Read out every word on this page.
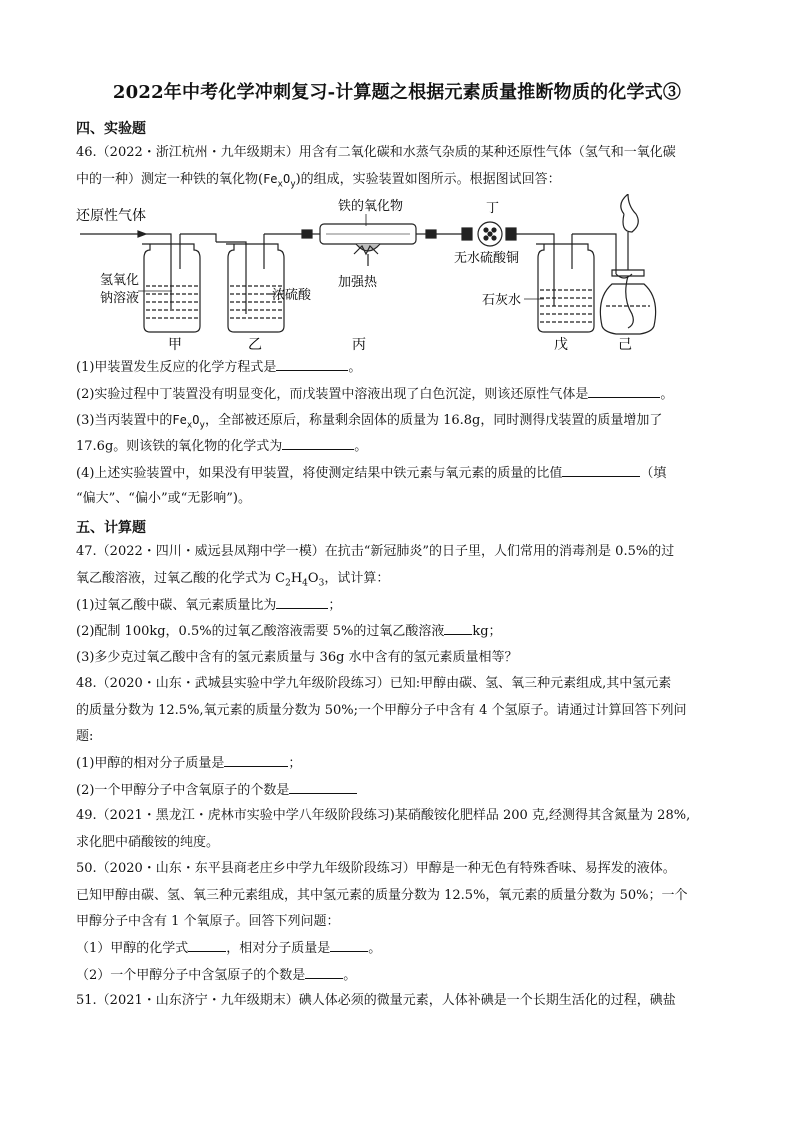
2022年中考化学冲刺复习-计算题之根据元素质量推断物质的化学式③
四、实验题
46.（2022・浙江杭州・九年级期末）用含有二氧化碳和水蒸气杂质的某种还原性气体（氢气和一氧化碳
中的一种）测定一种铁的氧化物$(Fe_xO_y)$的组成，实验装置如图所示。根据图试回答：
还原性气体
氢氧化
钠溶液	浓硫酸
铁的氧化物
加强热
丁
无水硫酸铜
石灰水
甲	乙	丙	戊	己
(1)甲装置发生反应的化学方程式是	。
(2)实验过程中丁装置没有明显变化，而戊装置中溶液出现了白色沉淀，则该还原性气体是	。
(3)当丙装置中的$Fe_xO_y$，全部被还原后，称量剩余固体的质量为 16.8g，同时测得戊装置的质量增加了
17.6g。则该铁的氧化物的化学式为	。
(4)上述实验装置中，如果没有甲装置，将使测定结果中铁元素与氧元素的质量的比值	（填
“偏大”、“偏小”或“无影响”)。
五、计算题
47.（2022・四川・威远县凤翔中学一模）在抗击“新冠肺炎”的日子里，人们常用的消毒剂是 0.5%的过
氧乙酸溶液，过氧乙酸的化学式为 $C_2H_4O_3$，试计算：
(1)过氧乙酸中碳、氧元素质量比为	；
(2)配制 100kg，0.5%的过氧乙酸溶液需要 5%的过氧乙酸溶液 kg；
(3)多少克过氧乙酸中含有的氢元素质量与 36g 水中含有的氢元素质量相等？
48.（2020・山东・武城县实验中学九年级阶段练习）已知:甲醇由碳、氢、氧三种元素组成,其中氢元素
的质量分数为 12.5%,氧元素的质量分数为 50%;一个甲醇分子中含有 4 个氢原子。请通过计算回答下列问
题:
(1)甲醇的相对分子质量是	；
(2)一个甲醇分子中含氧原子的个数是
49.（2021・黑龙江・虎林市实验中学八年级阶段练习)某硝酸铵化肥样品 200 克,经测得其含氮量为 28%,
求化肥中硝酸铵的纯度。
50.（2020・山东・东平县商老庄乡中学九年级阶段练习）甲醇是一种无色有特殊香味、易挥发的液体。
已知甲醇由碳、氢、氧三种元素组成，其中氢元素的质量分数为 12.5%，氧元素的质量分数为 50%；一个
甲醇分子中含有 1 个氧原子。回答下列问题：
（1）甲醇的化学式	，相对分子质量是	。
（2）一个甲醇分子中含氢原子的个数是	。
51.（2021・山东济宁・九年级期末）碘人体必须的微量元素，人体补碘是一个长期生活化的过程，碘盐
